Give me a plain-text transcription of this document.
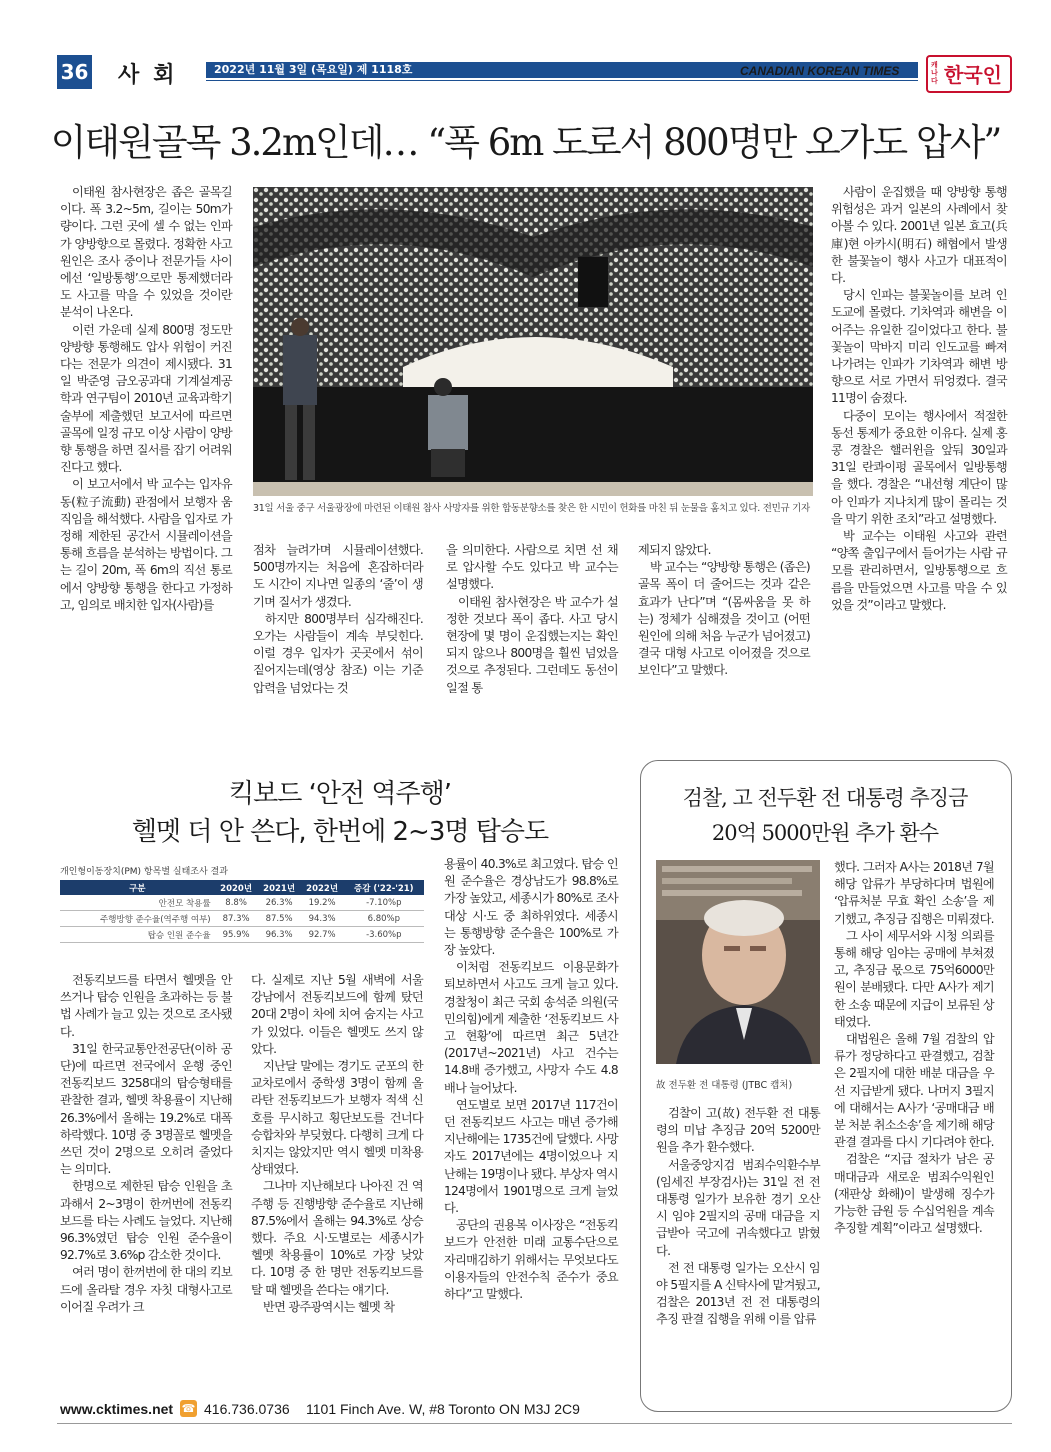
36 사회 2022년 11월 3일 (목요일) 제 1118호	CANADIAN KOREAN TIMES	캐나다 한국인
이태원골목 3.2m인데… “폭 6m 도로서 800명만 오가도 압사”

이태원 참사현장은 좁은 골목길이다. 폭 3.2~5m, 길이는 50m가량이다. 그런 곳에 셀 수 없는 인파가 양방향으로 몰렸다. 정확한 사고원인은 조사 중이나 전문가들 사이에선 ‘일방통행’으로만 통제했더라도 사고를 막을 수 있었을 것이란 분석이 나온다.

이런 가운데 실제 800명 정도만 양방향 통행해도 압사 위험이 커진다는 전문가 의견이 제시됐다. 31일 박준영 금오공과대 기계설계공학과 연구팀이 2010년 교육과학기술부에 제출했던 보고서에 따르면 골목에 일정 규모 이상 사람이 양방향 통행을 하면 질서를 잡기 어려워진다고 했다.

이 보고서에서 박 교수는 입자유동(粒子流動) 관점에서 보행자 움직임을 해석했다. 사람을 입자로 가정해 제한된 공간서 시뮬레이션을 통해 흐름을 분석하는 방법이다. 그는 길이 20m, 폭 6m의 직선 통로에서 양방향 통행을 한다고 가정하고, 임의로 배치한 입자(사람)를

31일 서울 중구 서울광장에 마련된 이태원 참사 사망자를 위한 합동분향소를 찾은 한 시민이 헌화를 마친 뒤 눈물을 훔치고 있다. 전민규 기자

점차 늘려가며 시뮬레이션했다. 500명까지는 처음에 혼잡하더라도 시간이 지나면 일종의 ‘줄’이 생기며 질서가 생겼다.

하지만 800명부터 심각해진다. 오가는 사람들이 계속 부딪힌다. 이럴 경우 입자가 곳곳에서 섞이 짙어지는데(영상 참조) 이는 기준 압력을 넘었다는 것

을 의미한다. 사람으로 치면 선 채로 압사할 수도 있다고 박 교수는 설명했다.

이태원 참사현장은 박 교수가 설정한 것보다 폭이 좁다. 사고 당시 현장에 몇 명이 운집했는지는 확인되지 않으나 800명을 훨씬 넘었을 것으로 추정된다. 그런데도 동선이 일절 통

제되지 않았다.

박 교수는 “양방향 통행은 (좁은) 골목 폭이 더 줄어드는 것과 같은 효과가 난다”며 “(몸싸움을 못 하는) 정체가 심해졌을 것이고 (어떤 원인에 의해 처음 누군가 넘어졌고) 결국 대형 사고로 이어졌을 것으로 보인다”고 말했다.

사람이 운집했을 때 양방향 통행 위험성은 과거 일본의 사례에서 찾아볼 수 있다. 2001년 일본 효고(兵庫)현 아카시(明石) 해협에서 발생한 불꽃놀이 행사 사고가 대표적이다.

당시 인파는 불꽃놀이를 보려 인도교에 몰렸다. 기차역과 해변을 이어주는 유일한 길이었다고 한다. 불꽃놀이 막바지 미리 인도교를 빠져나가려는 인파가 기차역과 해변 방향으로 서로 가면서 뒤엉켰다. 결국 11명이 숨졌다.

다중이 모이는 행사에서 적절한 동선 통제가 중요한 이유다. 실제 홍콩 경찰은 핼러윈을 앞둬 30일과 31일 란콰이펑 골목에서 일방통행을 했다. 경찰은 “내선형 계단이 많아 인파가 지나치게 많이 몰리는 것을 막기 위한 조치”라고 설명했다.

박 교수는 이태원 사고와 관련 “양쪽 출입구에서 들어가는 사람 규모를 관리하면서, 일방통행으로 흐름을 만들었으면 사고를 막을 수 있었을 것”이라고 말했다.

킥보드 ‘안전 역주행’
헬멧 더 안 쓴다, 한번에 2~3명 탑승도
개인형이동장치(PM) 항목별 실태조사 결과
구분	2020년	2021년	2022년	증감 ('22-'21)
안전모 착용률	8.8%	26.3%	19.2%	-7.10%p
주행방향 준수율(역주행 여부)	87.3%	87.5%	94.3%	6.80%p
탑승 인원 준수율	95.9%	96.3%	92.7%	-3.60%p

전동킥보드를 타면서 헬멧을 안 쓰거나 탑승 인원을 초과하는 등 불법 사례가 늘고 있는 것으로 조사됐다.

31일 한국교통안전공단(이하 공단)에 따르면 전국에서 운행 중인 전동킥보드 3258대의 탑승형태를 관찰한 결과, 헬멧 착용률이 지난해 26.3%에서 올해는 19.2%로 대폭 하락했다. 10명 중 3명꼴로 헬멧을 쓰던 것이 2명으로 오히려 줄었다는 의미다.

한명으로 제한된 탑승 인원을 초과해서 2~3명이 한꺼번에 전동킥보드를 타는 사례도 늘었다. 지난해 96.3%였던 탑승 인원 준수율이 92.7%로 3.6%p 감소한 것이다.

여러 명이 한꺼번에 한 대의 킥보드에 올라탈 경우 자칫 대형사고로 이어질 우려가 크

다. 실제로 지난 5월 새벽에 서울 강남에서 전동킥보드에 함께 탔던 20대 2명이 차에 치여 숨지는 사고가 있었다. 이들은 헬멧도 쓰지 않았다.

지난달 말에는 경기도 군포의 한 교차로에서 중학생 3명이 함께 올라탄 전동킥보드가 보행자 적색 신호를 무시하고 횡단보도를 건너다 승합차와 부딪혔다. 다행히 크게 다치지는 않았지만 역시 헬멧 미착용 상태였다.

그나마 지난해보다 나아진 건 역주행 등 진행방향 준수율로 지난해 87.5%에서 올해는 94.3%로 상승했다. 주요 시·도별로는 세종시가 헬멧 착용률이 10%로 가장 낮았다. 10명 중 한 명만 전동킥보드를 탈 때 헬멧을 쓴다는 얘기다.

반면 광주광역시는 헬멧 착

용률이 40.3%로 최고였다. 탑승 인원 준수율은 경상남도가 98.8%로 가장 높았고, 세종시가 80%로 조사 대상 시·도 중 최하위였다. 세종시는 통행방향 준수율은 100%로 가장 높았다.

이처럼 전동킥보드 이용문화가 퇴보하면서 사고도 크게 늘고 있다. 경찰청이 최근 국회 송석준 의원(국민의힘)에게 제출한 ‘전동킥보드 사고 현황’에 따르면 최근 5년간(2017년~2021년) 사고 건수는 14.8배 증가했고, 사망자 수도 4.8배나 늘어났다.

연도별로 보면 2017년 117건이던 전동킥보드 사고는 매년 증가해 지난해에는 1735건에 달했다. 사망자도 2017년에는 4명이었으나 지난해는 19명이나 됐다. 부상자 역시 124명에서 1901명으로 크게 늘었다.

공단의 권용복 이사장은 “전동킥보드가 안전한 미래 교통수단으로 자리매김하기 위해서는 무엇보다도 이용자들의 안전수칙 준수가 중요하다”고 말했다.

검찰, 고 전두환 전 대통령 추징금
20억 5000만원 추가 환수
故 전두환 전 대통령 (JTBC 캡처)

검찰이 고(故) 전두환 전 대통령의 미납 추징금 20억 5200만원을 추가 환수했다.

서울중앙지검 범죄수익환수부(임세진 부장검사)는 31일 전 전 대통령 일가가 보유한 경기 오산시 임야 2필지의 공매 대금을 지급받아 국고에 귀속했다고 밝혔다.

전 전 대통령 일가는 오산시 임야 5필지를 A 신탁사에 맡겨뒀고, 검찰은 2013년 전 전 대통령의 추징 판결 집행을 위해 이를 압류

했다. 그러자 A사는 2018년 7월 해당 압류가 부당하다며 법원에 ‘압류처분 무효 확인 소송’을 제기했고, 추징금 집행은 미뤄졌다.

그 사이 세무서와 시청 의뢰를 통해 해당 임야는 공매에 부쳐졌고, 추징금 몫으로 75억6000만원이 분배됐다. 다만 A사가 제기한 소송 때문에 지급이 보류된 상태였다.

대법원은 올해 7월 검찰의 압류가 정당하다고 판결했고, 검찰은 2필지에 대한 배분 대금을 우선 지급받게 됐다. 나머지 3필지에 대해서는 A사가 ‘공매대금 배분 처분 취소소송’을 제기해 해당 관결 결과를 다시 기다려야 한다.

검찰은 “지급 절차가 남은 공매대금과 새로운 범죄수익원인(재판상 화해)이 발생해 징수가 가능한 금원 등 수십억원을 계속 추징할 계획”이라고 설명했다.

www.cktimes.net ☎ 416.736.0736 1101 Finch Ave. W, #8 Toronto ON M3J 2C9
